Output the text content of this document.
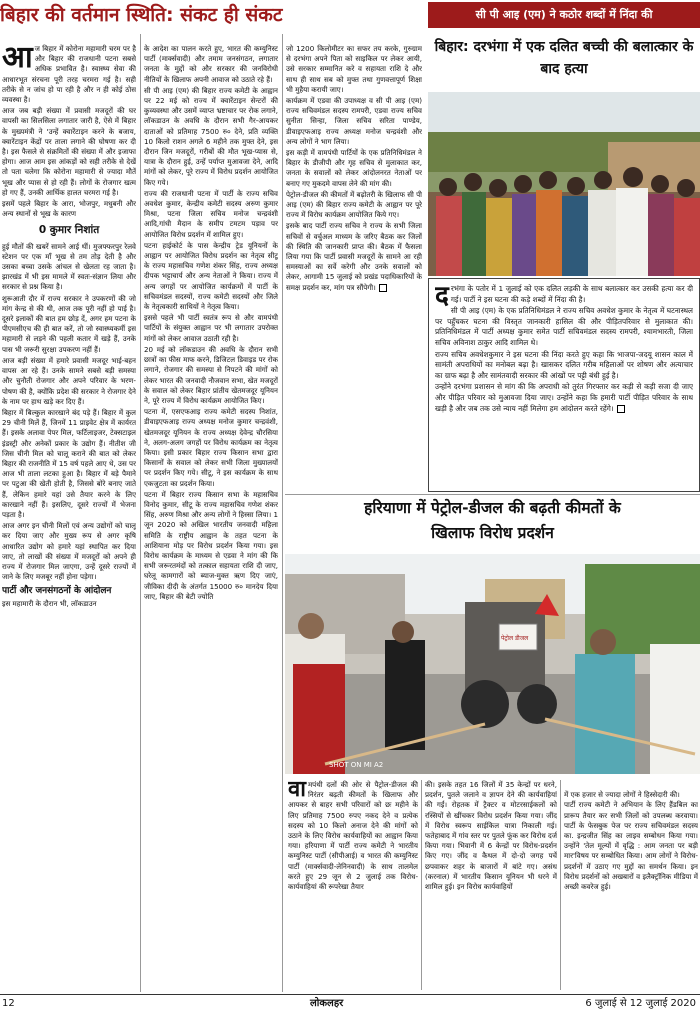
बिहार की वर्तमान स्थिति: संकट ही संकट	सी पी आइ (एम) ने कठोर शब्दों में निंदा की
बिहार: दरभंगा में एक दलित बच्ची की बलात्कार के बाद हत्या

दरभंगा के पतोर में 1 जुलाई को एक दलित लड़की के साथ बलात्कार कर उसकी हत्या कर दी गई। पार्टी ने इस घटना की कड़े शब्दों में निंदा की है।

सी पी आइ (एम) के एक प्रतिनिधिमंडल ने राज्य सचिव अवधेश कुमार के नेतृत्व में घटनास्थल पर पहुँचकर घटना की विस्तृत जानकारी हासिल की और पीड़ितपरिवार से मुलाकात की। प्रतिनिधिमंडल में पार्टी अध्यक्ष कुमार समेत पार्टी सचिवमंडल सदस्य रामपरी, श्यामभारती, जिला सचिव अविनाश ठाकुर आदि शामिल थे।

राज्य सचिव अवधेशकुमार ने इस घटना की निंदा करते हुए कहा कि भाजपा-जदयू शासन काल में सामंती अपराधियों का मनोबल बढ़ा है। खासकर दलित गरीब महिलाओं पर शोषण और अत्याचार का ग्राफ बढ़ा है और सामंतवादी सरकार की आंखों पर पट्टी बंधी हुई है।

उन्होंने दरभंगा प्रशासन से मांग की कि अपराधी को तुरंत गिरफ्तार कर कड़ी से कड़ी सजा दी जाए और पीड़ित परिवार को मुआवजा दिया जाए। उन्होंने कहा कि हमारी पार्टी पीड़ित परिवार के साथ खड़ी है और जब तक उसे न्याय नहीं मिलेगा हम आंदोलन करते रहेंगे।

आज बिहार में कोरोना महामारी चरम पर है और बिहार की राजधानी पटना सबसे अधिक प्रभावित है। स्वास्थ्य सेवा की आधारभूत संरचना पूरी तरह चरमरा गई है। सही तरीके से न जांच हो पा रही है और न ही कोई ठोस व्यवस्था है।

आज जब बड़ी संख्या में प्रवासी मजदूरों की घर वापसी का सिलसिला लगातार जारी है, ऐसे में बिहार के मुख्यमंत्री ने 'उन्हें क्वारेंटाइन करने के बजाय, क्वारेंटाइन केंद्रों पर ताला लगाने की घोषणा कर दी है। इस फैसले से संक्रमितों की संख्या में और इजाफा होगा। आज आम इस आंकड़ों को सही तरीके से देखें तो पता चलेगा कि कोरोना महामारी से ज्यादा मौतें भूख और प्यास से हो रही हैं। लोगों के रोजगार खत्म हो गए हैं, उनकी आर्थिक हालत चरमरा गई है।

इसमें पहले बिहार के आरा, भोजपुर, मधुबनी और अन्य स्थानों से भूख के कारण

0 कुमार निशांत

हुई मौतों की खबरें सामने आई थीं। मुजफ्फरपुर रेलवे स्टेशन पर एक माँ भूख से तम तोड़ देती है और उसका बच्चा उसके आंचल से खेलता रह जाता है। झारखंड में भी इस मामले में स्वतः-संज्ञान लिया और सरकार से प्रश्न किया है।

शुरूआती दौर में राज्य सरकार ने उपकरणों की जो मांग केन्द्र से की थी, आज तक पूरी नहीं हो पाई है। दूसरे इलाकों की बात हम छोड़ दें, अगर हम पटना के पीएमसीएच की ही बात करें, तो जो स्वास्थ्यकर्मी इस महामारी से लड़ने की पहली कतार में खड़े हैं, उनके पास भी जरूरी सुरक्षा उपकरण नहीं हैं।

आज बड़ी संख्या में हमारे प्रवासी मजदूर भाई-बहन वापस आ रहे हैं। उनके सामने सबसे बड़ी समस्या और चुनौती रोजगार और अपने परिवार के भरण-पोषण की है, क्योंकि प्रदेश की सरकार ने रोजगार देने के नाम पर हाथ खड़े कर दिए हैं।

बिहार में बिल्कुल कारखाने बंद पड़े हैं। बिहार में कुल 29 चीनी मिलें हैं, जिनमें 11 प्राइवेट क्षेत्र में कार्यरत हैं। इसके अलावा पेपर मिल, फर्टिलाइजर, टेक्सटाइल इंडस्ट्री और अनेकों प्रकार के उद्योग हैं। नीतीश जी जिस चीनी मिल को चालू कराने की बात को लेकर बिहार की राजनीति में 15 वर्ष पहले आए थे, उस पर आज भी ताला लटका हुआ है। बिहार में बड़े पैमाने पर पटुआ की खेती होती है, जिससे बोरे बनाए जाते हैं, लेकिन हमारे यहां उसे तैयार करने के लिए कारखाने नहीं हैं। इसलिए, दूसरे राज्यों में भेजना पड़ता है।

आज अगर इन चीनी मिलों एवं अन्य उद्योगों को चालू कर दिया जाए और मुख्य रूप से अगर कृषि आधारित उद्योग को हमारे यहां स्थापित कर दिया जाए, तो लाखों की संख्या में मजदूरों को अपने ही राज्य में रोजगार मिल जाएगा, उन्हें दूसरे राज्यों में जाने के लिए मजबूर नहीं होना पड़ेगा।

पार्टी और जनसंगठनों के आंदोलन

इस महामारी के दौरान भी, लॉकडाउन

के आदेश का पालन करते हुए, भारत की कम्युनिस्ट पार्टी (मार्क्सवादी) और तमाम जनसंगठन, लगातार जनता के मुद्दों को और सरकार की जनविरोधी नीतियों के खिलाफ अपनी आवाज को उठाते रहे हैं।

सी पी आइ (एम) की बिहार राज्य कमेटी के आह्वान पर 22 मई को राज्य में क्वारेंटाइन सेन्टरों की कुव्यवस्था और उसमें व्याप्त भ्रष्टाचार पर रोक लगाने, लॉकडाउन के अवधि के दौरान सभी गैर-आयकर दाताओं को प्रतिमाह 7500 रु० देने, प्रति व्यक्ति 10 किलो राशन अगले 6 महीने तक मुफ्त देने, इस दौरान जिन मजदूरों, गरीबों की मौत भूख-प्यास से, यात्रा के दौरान हुई, उन्हें पर्याप्त मुआवजा देने, आदि मांगों को लेकर, पूरे राज्य में विरोध प्रदर्शन आयोजित किए गये।

राज्य की राजधानी पटना में पार्टी के राज्य सचिव अवधेश कुमार, केन्द्रीय कमेटी सदस्य अरुण कुमार मिश्रा, पटना जिला सचिव मनोज चन्द्रवंशी आदि,गांधी मैदान के समीप टमटम पड़ाव पर आयोजित विरोध प्रदर्शन में शामिल हुए।

पटना हाईकोर्ट के पास केन्द्रीय ट्रेड यूनियनों के आह्वान पर आयोजित विरोध प्रदर्शन का नेतृत्व सीटू के राज्य महासचिव गणेश शंकर सिंह, राज्य अध्यक्ष दीपक भट्टाचार्य और अन्य नेताओं ने किया। राज्य में अन्य जगहों पर आयोजित कार्यक्रमों में पार्टी के सचिवमंडल सदस्यों, राज्य कमेटी सदस्यों और जिले के नेतृत्वकारी साथियों ने नेतृत्व किया।

इससे पहले भी पार्टी स्वतंत्र रूप से और वामपंथी पार्टियों के संयुक्त आह्वान पर भी लगातार उपरोक्त मांगों को लेकर आवाज उठाती रही है।

20 मई को लॉकडाउन की अवधि के दौरान सभी छात्रों का फीस माफ करने, डिजिटल डिवाइड पर रोक लगाने, रोजगार की समस्या से निपटने की मांगों को लेकर भारत की जनवादी नौजवान सभा, खेत मजदूरों के सवाल को लेकर बिहार प्रांतीय खेतमजदूर यूनियन ने, पूरे राज्य में विरोध कार्यक्रम आयोजित किए।

पटना में, एसएफआइ राज्य कमेटी सदस्य निशांत, डीवाइएफआइ राज्य अध्यक्ष मनोज कुमार चन्द्रवंशी, खेतमजदूर यूनियन के राज्य अध्यक्ष देवेन्द्र चौरसिया ने, अलग-अलग जगहों पर विरोध कार्यक्रम का नेतृत्व किया। इसी प्रकार बिहार राज्य किसान सभा द्वारा किसानों के सवाल को लेकर सभी जिला मुख्यालयों पर प्रदर्शन किए गये। सीटू, ने इस कार्यक्रम के साथ एकजुटता का प्रदर्शन किया।

पटना में बिहार राज्य किसान सभा के महासचिव विनोद कुमार, सीटू के राज्य महासचिव गणेश शंकर सिंह, अरुण मिश्रा और अन्य लोगों ने हिस्सा लिया। 1 जून 2020 को अखिल भारतीय जनवादी महिला समिति के राष्ट्रीय आह्वान के तहत पटना के आशियाना मोड़ पर विरोध प्रदर्शन किया गया। इस विरोध कार्यक्रम के माध्यम से एडवा ने मांग की कि सभी जरूरतमंदों को तत्काल सहायता राशि दी जाए, घरेलू कामगारों को ब्याज-मुक्त ऋण दिए जाएं, जीविका दीदी के अंतर्गत 15000 रु० मानदेय दिया जाए, बिहार की बेटी ज्योति

जो 1200 किलोमीटर का सफर तय करके, गुरुग्राम से दरभंगा अपने पिता को साइकिल पर लेकर आयी, उसे सरकार सम्मानित करे व सहायता राशि दे और साथ ही साथ सब को मुफ्त तथा गुणवत्तापूर्ण शिक्षा भी मुहैया करायी जाए।

कार्यक्रम में एडवा की उपाध्यक्ष व सी पी आइ (एम) राज्य सचिवमंडल सदस्य रामपरी, एडवा राज्य सचिव सुनीता सिन्हा, जिला सचिव सरिता पाण्डेय, डीवाइएफआइ राज्य अध्यक्ष मनोज चन्द्रवंशी और अन्य लोगों ने भाग लिया।

इस कड़ी में वामपंथी पार्टियों के एक प्रतिनिधिमंडल ने बिहार के डीजीपी और गृह सचिव से मुलाकात कर, जनता के सवालों को लेकर आंदोलनरत नेताओं पर बनाए गए मुकदमे वापस लेने की मांग की।

पेट्रोल-डीजल की कीमतों में बढ़ोतरी के खिलाफ सी पी आइ (एम) की बिहार राज्य कमेटी के आह्वान पर पूरे राज्य में विरोध कार्यक्रम आयोजित किये गए।

इसके बाद पार्टी राज्य सचिव ने राज्य के सभी जिला सचिवों से वर्चुअल माध्यम के जरिए बैठक कर जिलों की स्थिति की जानकारी प्राप्त की। बैठक में फैसला लिया गया कि पार्टी प्रवासी मजदूरों के सामने आ रही समस्याओं का सर्वे करेगी और उनके सवालों को लेकर, आगामी 15 जुलाई को प्रखंड पदाधिकारियों के समक्ष प्रदर्शन कर, मांग पत्र सौंपेगी।

हरियाणा में पेट्रोल-डीजल की बढ़ती कीमतों के
खिलाफ विरोध प्रदर्शन
पेट्रोल डीजल
SHOT ON MI A2

वामपंथी दलों की ओर से पैट्रोल-डीजल की निरंतर बढ़ती कीमतों के खिलाफ और आयकर से बाहर सभी परिवारों को छः महीने के लिए प्रतिमाह 7500 रुपए नकद देने व प्रत्येक सदस्य को 10 किलो अनाज देने की मांगों को उठाने के लिए विरोध कार्यवाहियों का आह्वान किया गया। हरियाणा में पार्टी राज्य कमेटी ने भारतीय कम्युनिस्ट पार्टी (सीपीआई) व भारत की कम्युनिस्ट पार्टी (मार्क्सवादी-लेनिनवादी) के साथ तालमेल करते हुए 29 जून से 2 जुलाई तक विरोध-कार्यवाहियां की रूपरेखा तैयार

की। इसके तहत 16 जिलों में 35 केन्द्रों पर धरने, प्रदर्शन, पुतले जलाने व ज्ञापन देने की कार्यवाहियां की गईं। रोहतक में ट्रैक्टर व मोटरसाईकलों को रस्सियों से खींचकर विरोध प्रदर्शन किया गया। जींद में विरोध स्वरूप साईकिल यात्रा निकाली गई। फतेहाबाद में गांव स्तर पर पुतले फूंक कर विरोध दर्ज किया गया। भिवानी में 6 केन्द्रों पर विरोध-प्रदर्शन किए गए। जींद व कैथल में दो-दो जगह पर्चे छपवाकर शहर के बाजारों में बांटे गए। असंध (करनाल) में भारतीय किसान यूनियन भी धरने में शामिल हुई। इन विरोध कार्यवाहियों

में एक हजार से ज्यादा लोगों ने हिस्सेदारी की।
पार्टी राज्य कमेटी ने अभियान के लिए हैंडबिल का प्रारूप तैयार कर सभी जिलों को उपलब्ध करवाया। पार्टी के फेसबुक पेज पर राज्य सचिवमंडल सदस्य का. इन्द्रजीत सिंह का लाइव सम्बोधन किया गया। उन्होंने 'तेल मूल्यों में वृद्धि : आम जनता पर बड़ी मार'विषय पर सम्बोधित किया। आम लोगों ने विरोध-प्रदर्शनों में उठाए गए मुद्दों का समर्थन किया। इन विरोध प्रदर्शनों को अखबारों व इलैक्ट्रॉनिक मीडिया में अच्छी कवरेज हुई।

12	लोकलहर	6 जुलाई से 12 जुलाई 2020
